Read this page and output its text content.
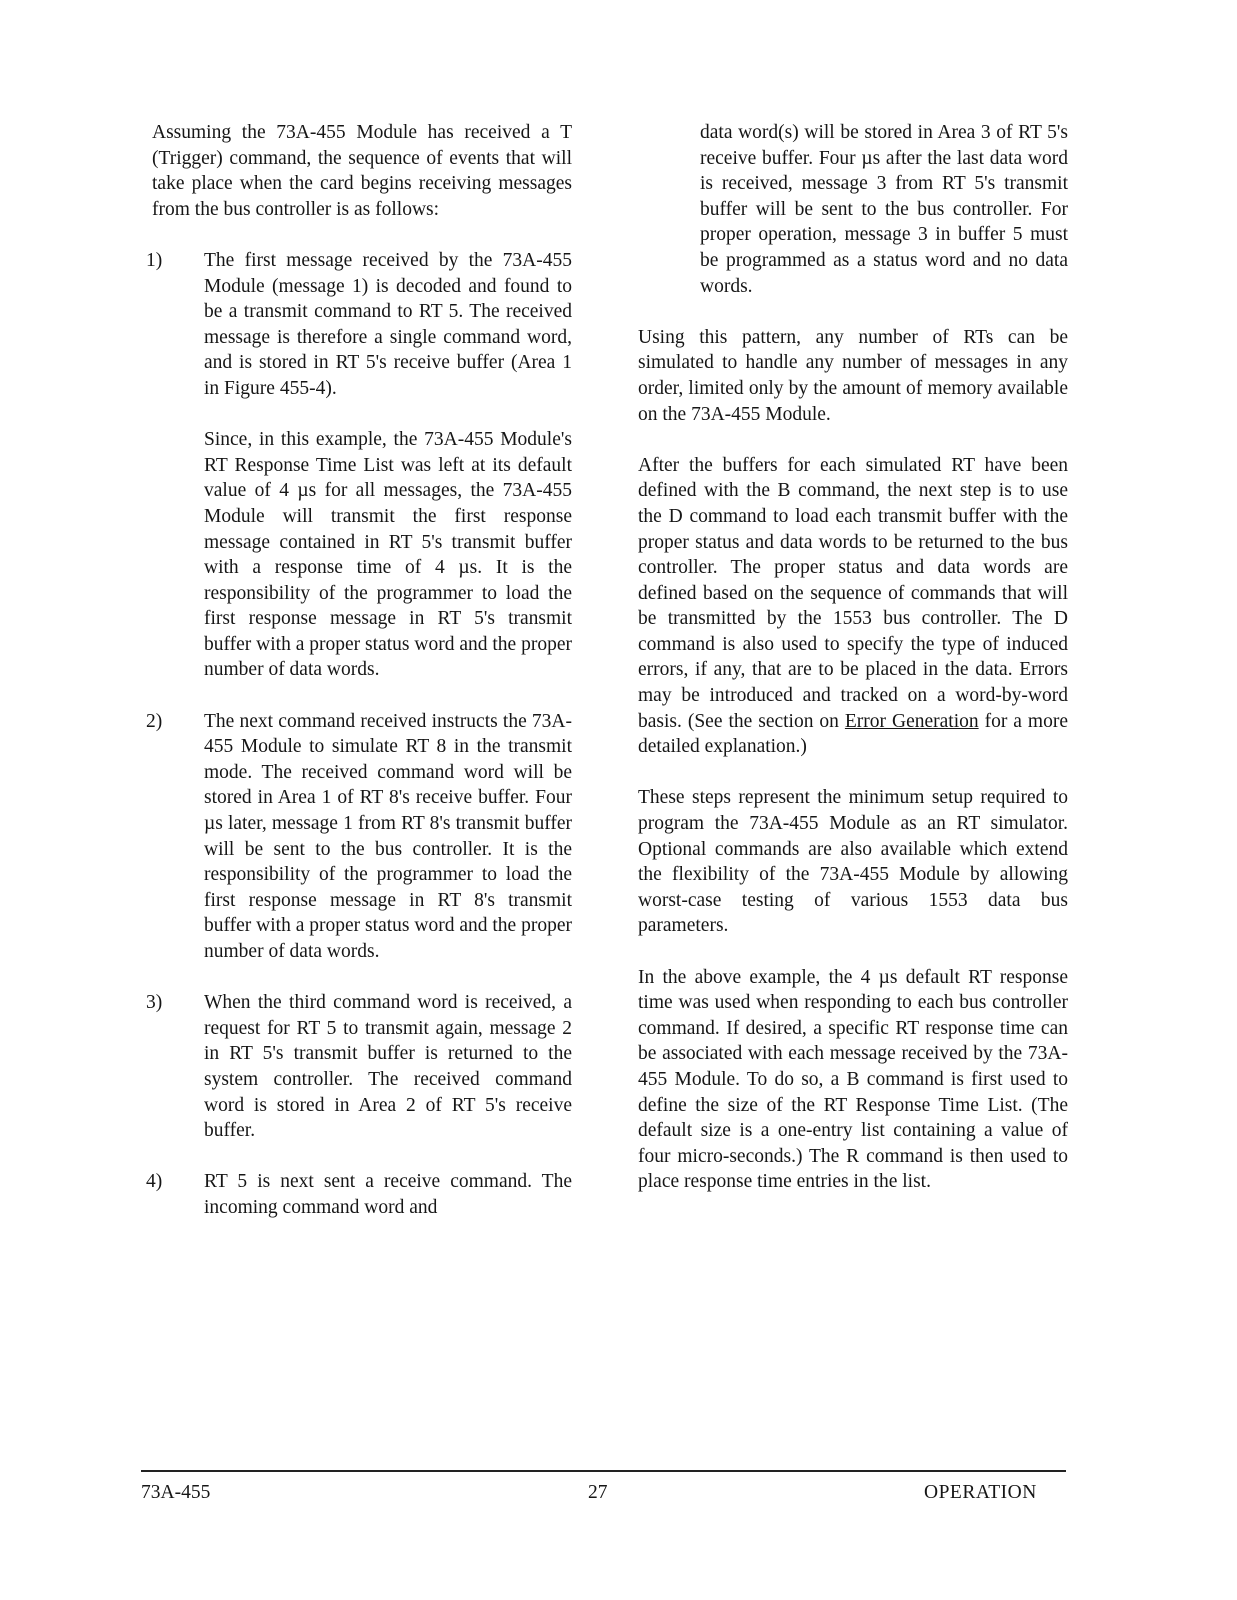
Assuming the 73A-455 Module has received a T (Trigger) command, the sequence of events that will take place when the card begins receiving messages from the bus controller is as follows:

1) The first message received by the 73A-455 Module (message 1) is decoded and found to be a transmit command to RT 5. The received message is therefore a single command word, and is stored in RT 5's receive buffer (Area 1 in Figure 455-4).

Since, in this example, the 73A-455 Module's RT Response Time List was left at its default value of 4 µs for all messages, the 73A-455 Module will transmit the first response message contained in RT 5's transmit buffer with a response time of 4 µs. It is the responsibility of the programmer to load the first response message in RT 5's transmit buffer with a proper status word and the proper number of data words.

2) The next command received instructs the 73A-455 Module to simulate RT 8 in the transmit mode. The received command word will be stored in Area 1 of RT 8's receive buffer. Four µs later, message 1 from RT 8's transmit buffer will be sent to the bus controller. It is the responsibility of the programmer to load the first response message in RT 8's transmit buffer with a proper status word and the proper number of data words.

3) When the third command word is received, a request for RT 5 to transmit again, message 2 in RT 5's transmit buffer is returned to the system controller. The received command word is stored in Area 2 of RT 5's receive buffer.

4) RT 5 is next sent a receive command. The incoming command word and

data word(s) will be stored in Area 3 of RT 5's receive buffer. Four µs after the last data word is received, message 3 from RT 5's transmit buffer will be sent to the bus controller. For proper operation, message 3 in buffer 5 must be programmed as a status word and no data words.

Using this pattern, any number of RTs can be simulated to handle any number of messages in any order, limited only by the amount of memory available on the 73A-455 Module.

After the buffers for each simulated RT have been defined with the B command, the next step is to use the D command to load each transmit buffer with the proper status and data words to be returned to the bus controller. The proper status and data words are defined based on the sequence of commands that will be transmitted by the 1553 bus controller. The D command is also used to specify the type of induced errors, if any, that are to be placed in the data. Errors may be introduced and tracked on a word-by-word basis. (See the section on Error Generation for a more detailed explanation.)

These steps represent the minimum setup required to program the 73A-455 Module as an RT simulator. Optional commands are also available which extend the flexibility of the 73A-455 Module by allowing worst-case testing of various 1553 data bus parameters.

In the above example, the 4 µs default RT response time was used when responding to each bus controller command. If desired, a specific RT response time can be associated with each message received by the 73A-455 Module. To do so, a B command is first used to define the size of the RT Response Time List. (The default size is a one-entry list containing a value of four micro-seconds.) The R command is then used to place response time entries in the list.

73A-455	27	OPERATION
